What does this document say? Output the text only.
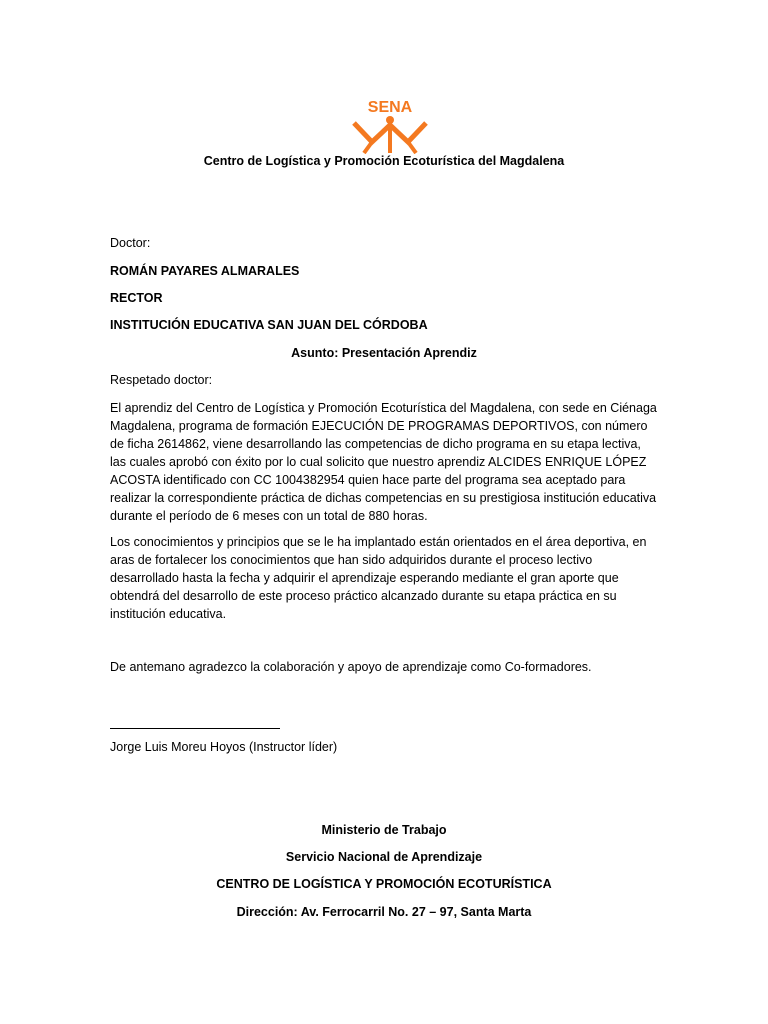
SENA
Centro de Logística y Promoción Ecoturística del Magdalena
Doctor:
ROMÁN PAYARES ALMARALES
RECTOR
INSTITUCIÓN EDUCATIVA SAN JUAN DEL CÓRDOBA
Asunto: Presentación Aprendiz
Respetado doctor:
El aprendiz del Centro de Logística y Promoción Ecoturística del Magdalena, con sede en Ciénaga Magdalena, programa de formación EJECUCIÓN DE PROGRAMAS DEPORTIVOS, con número de ficha 2614862, viene desarrollando las competencias de dicho programa en su etapa lectiva, las cuales aprobó con éxito por lo cual solicito que nuestro aprendiz ALCIDES ENRIQUE LÓPEZ ACOSTA identificado con CC 1004382954 quien hace parte del programa sea aceptado para realizar la correspondiente práctica de dichas competencias en su prestigiosa institución educativa durante el período de 6 meses con un total de 880 horas.
Los conocimientos y principios que se le ha implantado están orientados en el área deportiva, en aras de fortalecer los conocimientos que han sido adquiridos durante el proceso lectivo desarrollado hasta la fecha y adquirir el aprendizaje esperando mediante el gran aporte que obtendrá del desarrollo de este proceso práctico alcanzado durante su etapa práctica en su institución educativa.
De antemano agradezco la colaboración y apoyo de aprendizaje como Co-formadores.
Jorge Luis Moreu Hoyos (Instructor líder)
Ministerio de Trabajo
Servicio Nacional de Aprendizaje
CENTRO DE LOGÍSTICA Y PROMOCIÓN ECOTURÍSTICA
Dirección: Av. Ferrocarril No. 27 – 97, Santa Marta
